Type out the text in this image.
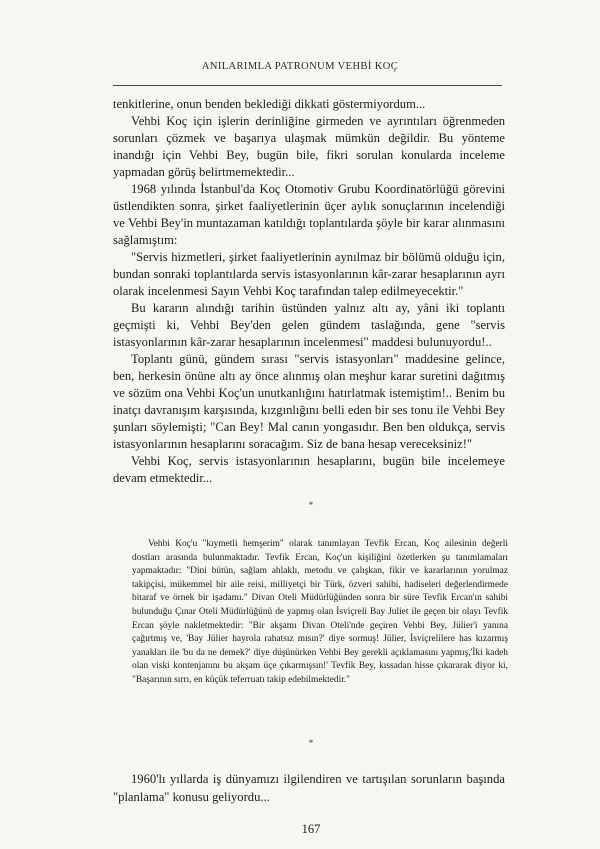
ANILARIMLA PATRONUM VEHBİ KOÇ

tenkitlerine, onun benden beklediği dikkati göstermiyordum...

Vehbi Koç için işlerin derinliğine girmeden ve ayrıntıları öğrenmeden sorunları çözmek ve başarıya ulaşmak mümkün değildir. Bu yönteme inandığı için Vehbi Bey, bugün bile, fikri sorulan konularda inceleme yapmadan görüş belirtmemektedir...

1968 yılında İstanbul'da Koç Otomotiv Grubu Koordinatörlüğü görevini üstlendikten sonra, şirket faaliyetlerinin üçer aylık sonuçlarının incelendiği ve Vehbi Bey'in muntazaman katıldığı toplantılarda şöyle bir karar alınmasını sağlamıştım:

"Servis hizmetleri, şirket faaliyetlerinin aynılmaz bir bölümü olduğu için, bundan sonraki toplantılarda servis istasyonlarının kâr-zarar hesaplarının ayrı olarak incelenmesi Sayın Vehbi Koç tarafından talep edilmeyecektir."

Bu kararın alındığı tarihin üstünden yalnız altı ay, yâni iki toplantı geçmişti ki, Vehbi Bey'den gelen gündem taslağında, gene "servis istasyonlarının kâr-zarar hesaplarının incelenmesi" maddesi bulunuyordu!..

Toplantı günü, gündem sırası "servis istasyonları" maddesine gelince, ben, herkesin önüne altı ay önce alınmış olan meşhur karar suretini dağıtmış ve sözüm ona Vehbi Koç'un unutkanlığını hatırlatmak istemiştim!.. Benim bu inatçı davranışım karşısında, kızgınlığını belli eden bir ses tonu ile Vehbi Bey şunları söylemişti; "Can Bey! Mal canın yongasıdır. Ben ben oldukça, servis istasyonlarının hesaplarını soracağım. Siz de bana hesap vereceksiniz!"

Vehbi Koç, servis istasyonlarının hesaplarını, bugün bile incelemeye devam etmektedir...

*

Vehbi Koç'u "kıymetli hemşerim" olarak tanımlayan Tevfik Ercan, Koç ailesinin değerli dostları arasında bulunmaktadır. Tevfik Ercan, Koç'un kişiliğini özetlerken şu tanımlamaları yapmaktadır: "Dini bütün, sağlam ahlaklı, metodu ve çalışkan, fikir ve kararlarının yorulmaz takipçisi, mükemmel bir aile reisi, milliyetçi bir Türk, özveri sahibi, hadiseleri değerlendirmede bitaraf ve örnek bir işadamı." Divan Oteli Müdürlüğünden sonra bir süre Tevfik Ercan'ın sahibi bulunduğu Çınar Oteli Müdürlüğünü de yapmış olan İsviçreli Bay Juliet ile geçen bir olayı Tevfik Ercan şöyle nakletmektedir: "Bir akşamı Divan Oteli'nde geçiren Vehbi Bey, Jülier'i yanına çağırtmış ve, 'Bay Jülier hayrola rahatsız mısın?' diye sormuş! Jülier, İsviçrelilere has kızarmış yanakları ile 'bu da ne demek?' diye düşünürken Vehbi Bey gerekli açıklamasını yapmış,'İki kadeh olan viski kontenjanını bu akşam üçe çıkarmışsın!' Tevfik Bey, kıssadan hisse çıkararak diyor ki, "Başarının sırrı, en küçük teferruatı takip edebilmektedir."

*

1960'lı yıllarda iş dünyamızı ilgilendiren ve tartışılan sorunların başında "planlama" konusu geliyordu...

167
